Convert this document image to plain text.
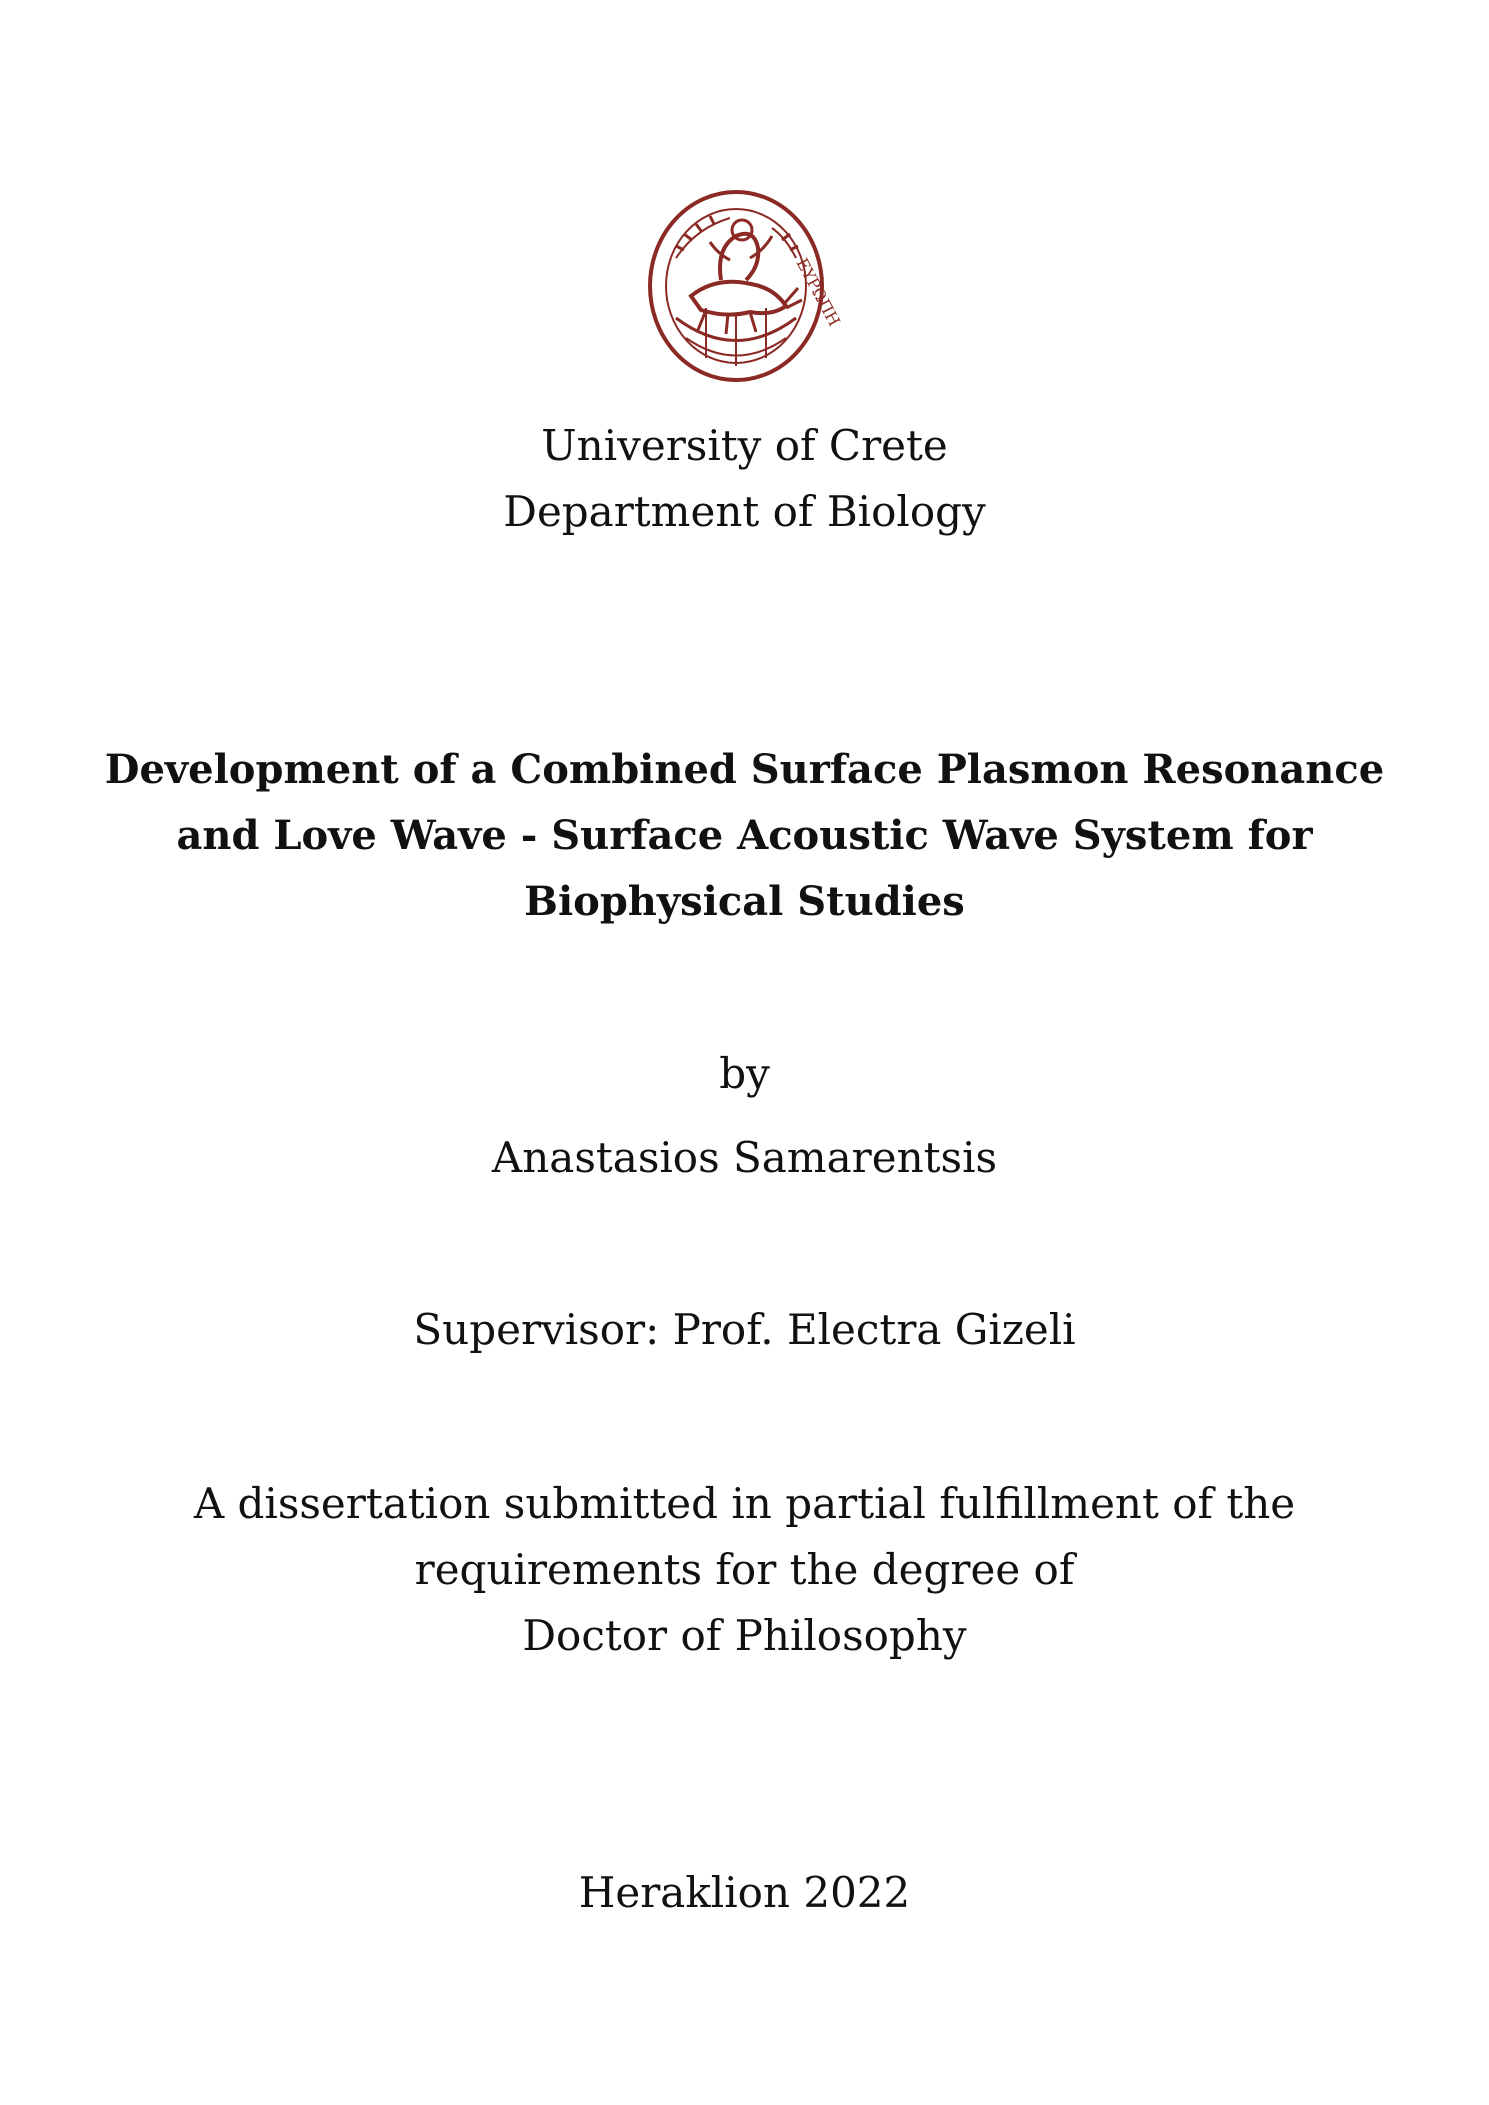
ΕΥΡΩΠΗ
University of Crete
Department of Biology
Development of a Combined Surface Plasmon Resonance
and Love Wave - Surface Acoustic Wave System for
Biophysical Studies
by
Anastasios Samarentsis
Supervisor: Prof. Electra Gizeli
A dissertation submitted in partial fulfillment of the
requirements for the degree of
Doctor of Philosophy
Heraklion 2022
